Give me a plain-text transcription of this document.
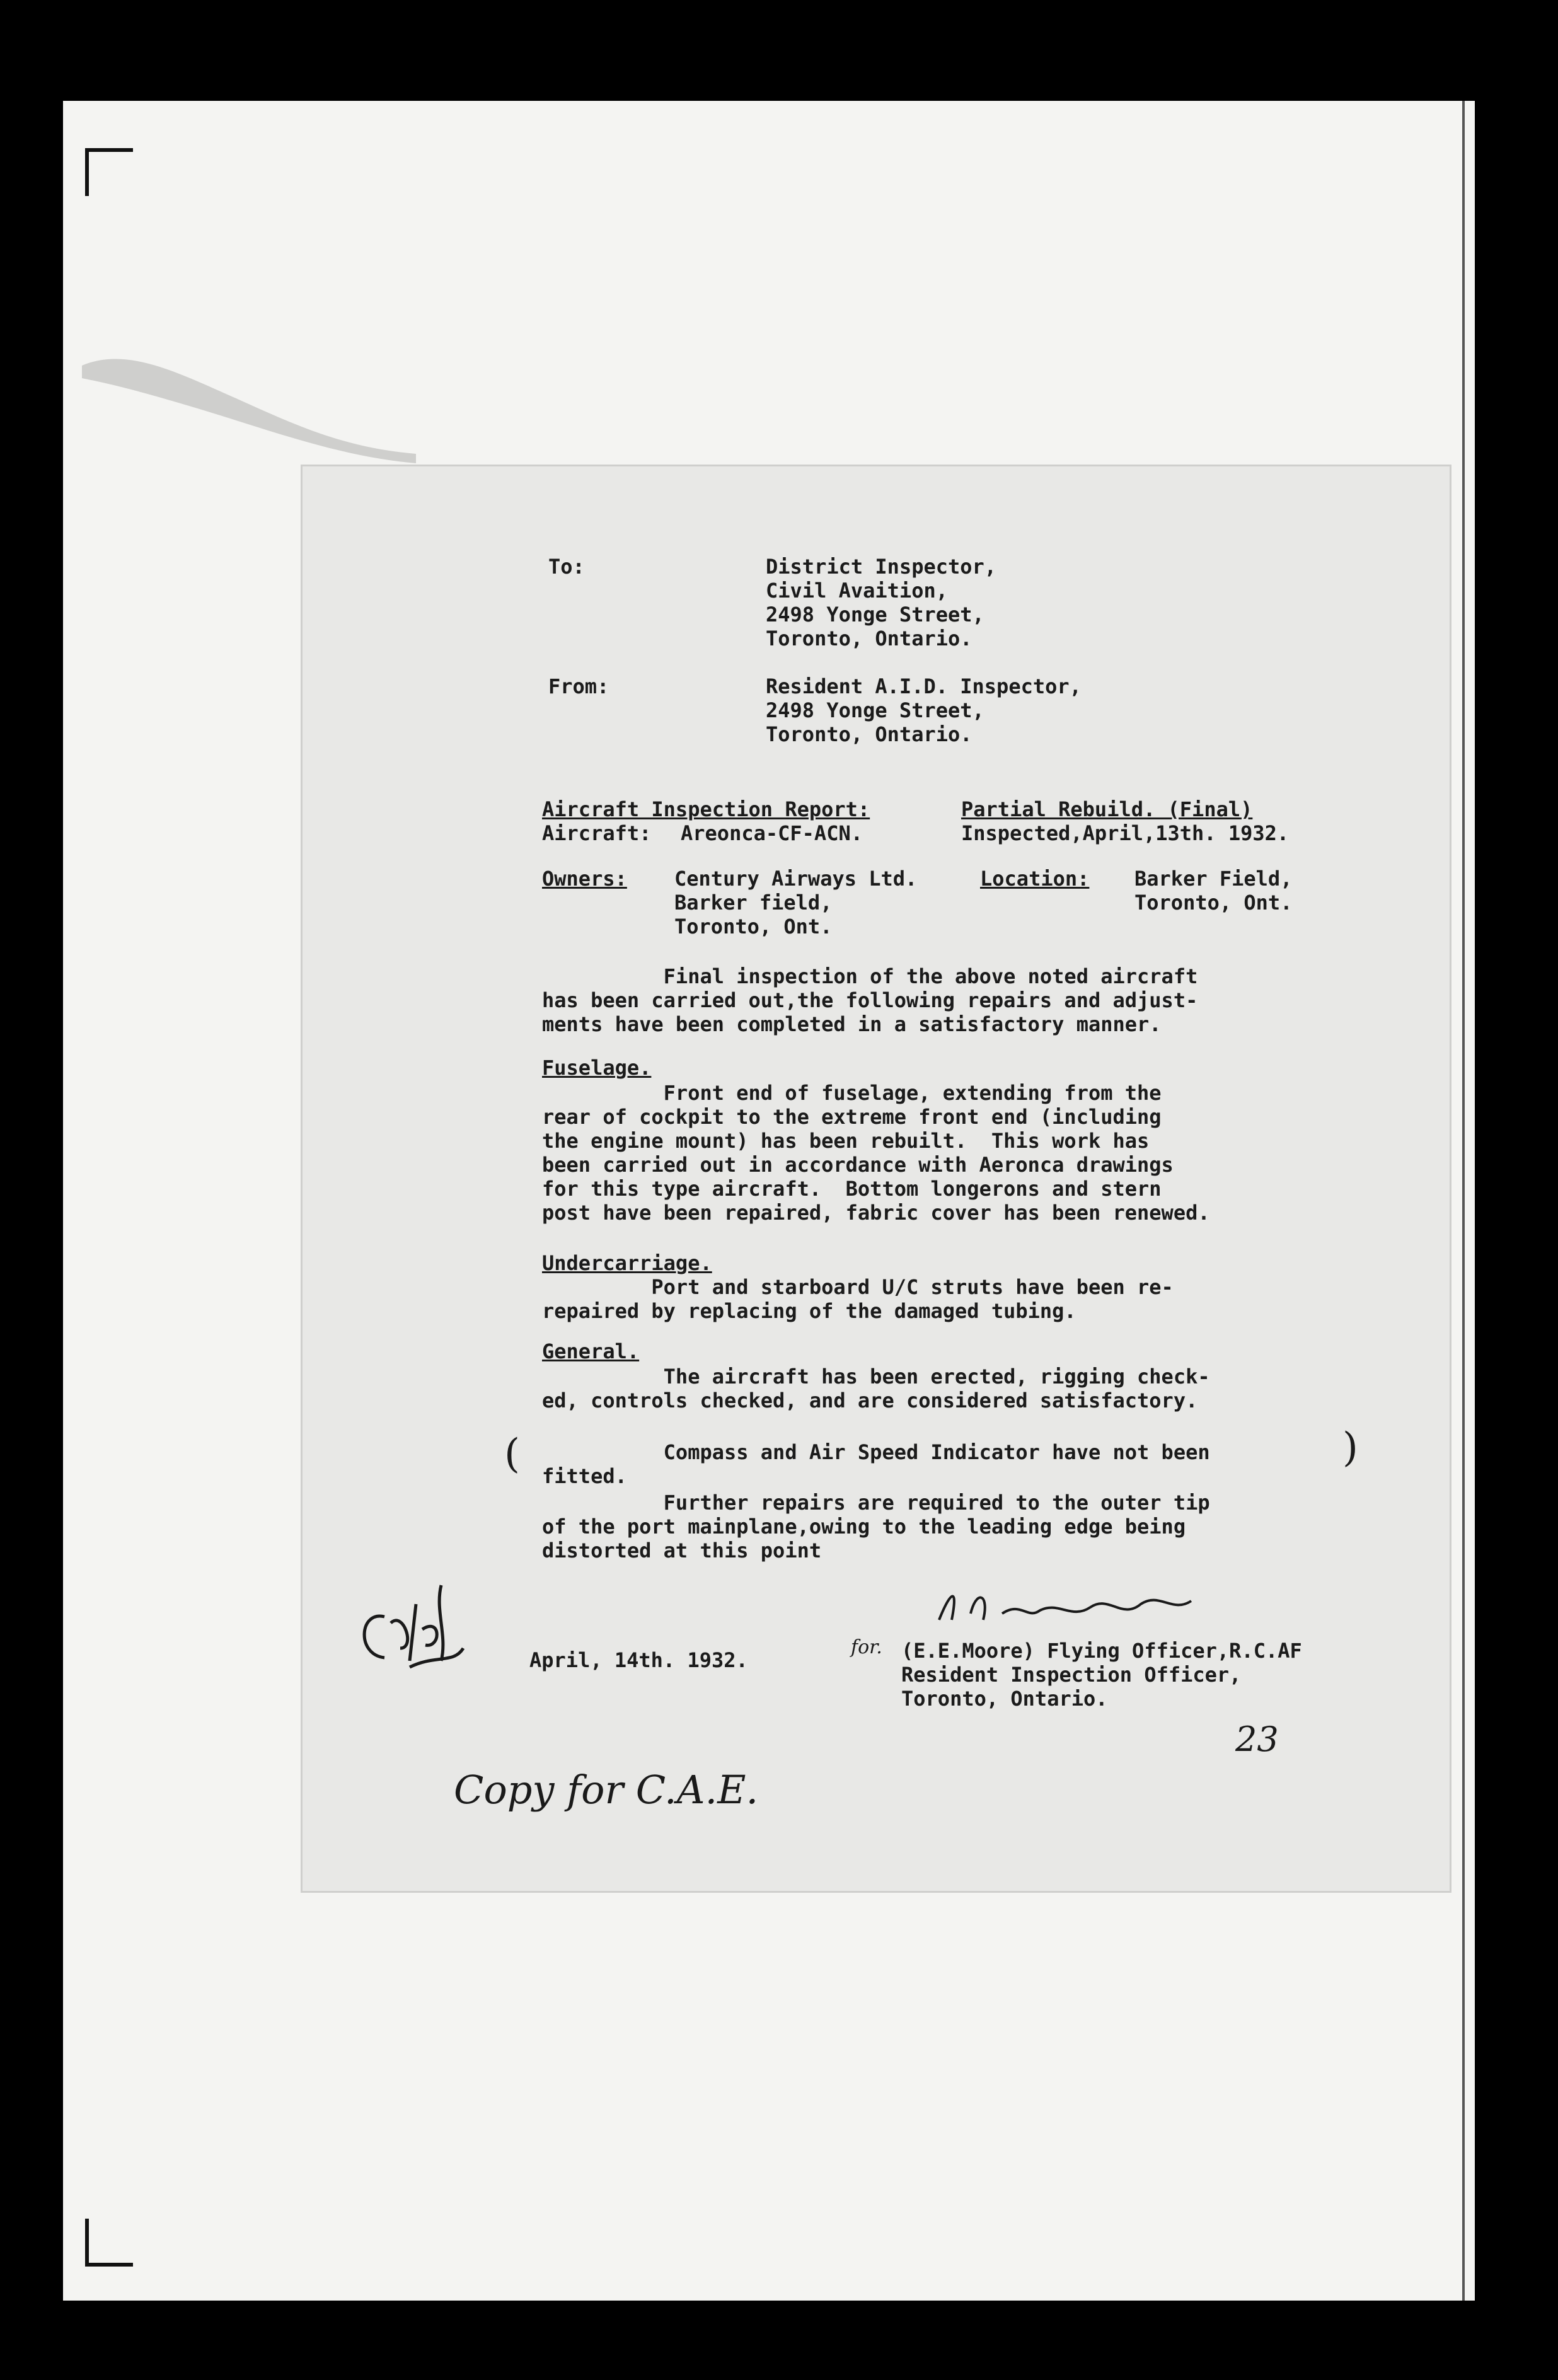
To:	District Inspector,

Civil Avaition,

2498 Yonge Street,

Toronto, Ontario.

From:	Resident A.I.D. Inspector,

2498 Yonge Street,

Toronto, Ontario.

Aircraft Inspection Report:	Partial Rebuild. (Final)

Aircraft: Areonca-CF-ACN.	Inspected,April,13th. 1932.

Owners: Century Airways Ltd.

Barker field,

Toronto, Ont.

Location: Barker Field,

Toronto, Ont.

Final inspection of the above noted aircraft

has been carried out,the following repairs and adjust-

ments have been completed in a satisfactory manner.

Fuselage.

Front end of fuselage, extending from the

rear of cockpit to the extreme front end (including

the engine mount) has been rebuilt.  This work has

been carried out in accordance with Aeronca drawings

for this type aircraft.  Bottom longerons and stern

post have been repaired, fabric cover has been renewed.

Undercarriage.

Port and starboard U/C struts have been re-

repaired by replacing of the damaged tubing.

General.

The aircraft has been erected, rigging check-

ed, controls checked, and are considered satisfactory.

( Compass and Air Speed Indicator have not been

fitted.

)

Further repairs are required to the outer tip

of the port mainplane,owing to the leading edge being

distorted at this point

April, 14th. 1932.

for. (E.E.Moore) Flying Officer,R.C.AF

Resident Inspection Officer,

Toronto, Ontario.

23

Copy for C.A.E.
